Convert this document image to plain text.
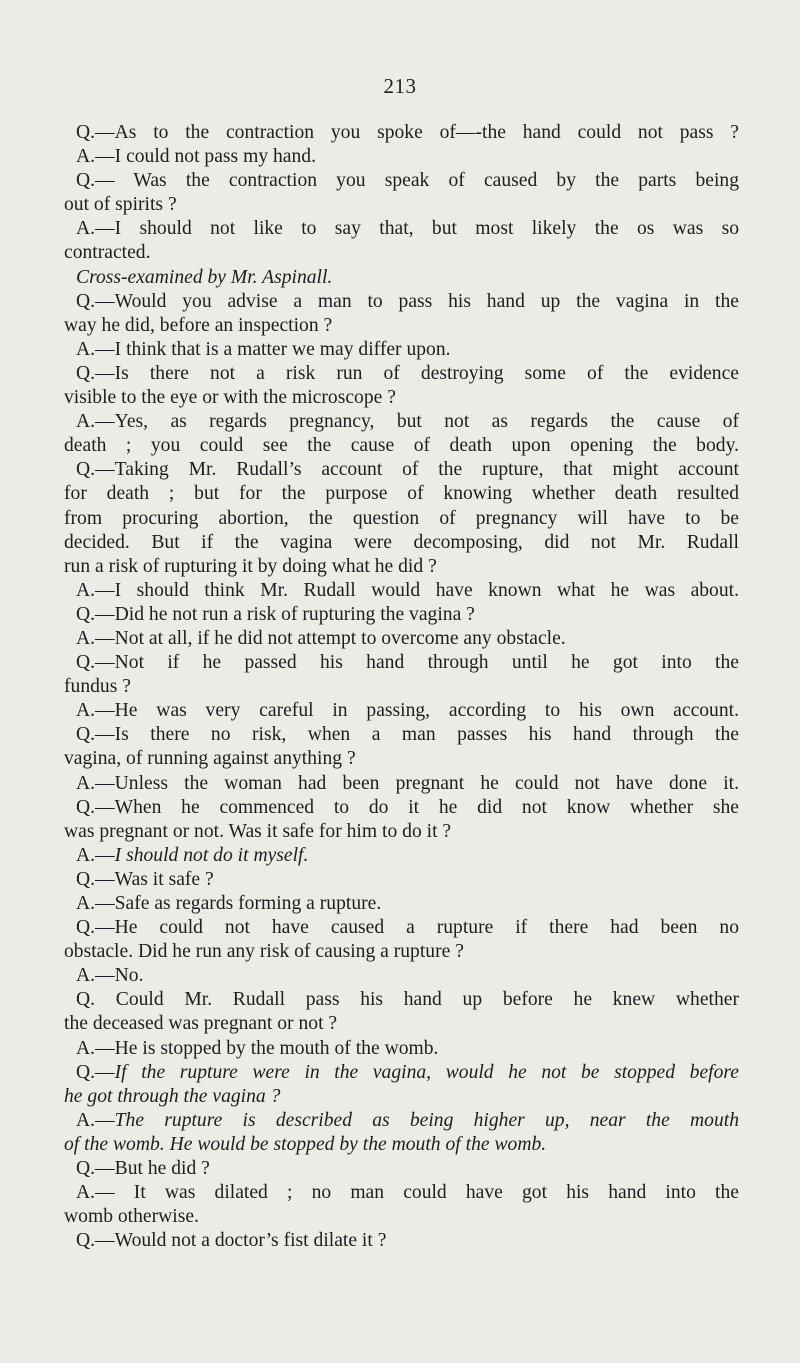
213

Q.—As to the contraction you spoke of—-the hand could not pass ?
A.—I could not pass my hand.
Q.— Was the contraction you speak of caused by the parts being
out of spirits ?
A.—I should not like to say that, but most likely the os was so
contracted.
Cross-examined by Mr. Aspinall.
Q.—Would you advise a man to pass his hand up the vagina in the
way he did, before an inspection ?
A.—I think that is a matter we may differ upon.
Q.—Is there not a risk run of destroying some of the evidence
visible to the eye or with the microscope ?
A.—Yes, as regards pregnancy, but not as regards the cause of
death ; you could see the cause of death upon opening the body.
Q.—Taking Mr. Rudall’s account of the rupture, that might account
for death ; but for the purpose of knowing whether death resulted
from procuring abortion, the question of pregnancy will have to be
decided. But if the vagina were decomposing, did not Mr. Rudall
run a risk of rupturing it by doing what he did ?
A.—I should think Mr. Rudall would have known what he was about.
Q.—Did he not run a risk of rupturing the vagina ?
A.—Not at all, if he did not attempt to overcome any obstacle.
Q.—Not if he passed his hand through until he got into the
fundus ?
A.—He was very careful in passing, according to his own account.
Q.—Is there no risk, when a man passes his hand through the
vagina, of running against anything ?
A.—Unless the woman had been pregnant he could not have done it.
Q.—When he commenced to do it he did not know whether she
was pregnant or not. Was it safe for him to do it ?
A.—I should not do it myself.
Q.—Was it safe ?
A.—Safe as regards forming a rupture.
Q.—He could not have caused a rupture if there had been no
obstacle. Did he run any risk of causing a rupture ?
A.—No.
Q. Could Mr. Rudall pass his hand up before he knew whether
the deceased was pregnant or not ?
A.—He is stopped by the mouth of the womb.
Q.—If the rupture were in the vagina, would he not be stopped before
he got through the vagina ?
A.—The rupture is described as being higher up, near the mouth
of the womb. He would be stopped by the mouth of the womb.
Q.—But he did ?
A.— It was dilated ; no man could have got his hand into the
womb otherwise.
Q.—Would not a doctor’s fist dilate it ?
